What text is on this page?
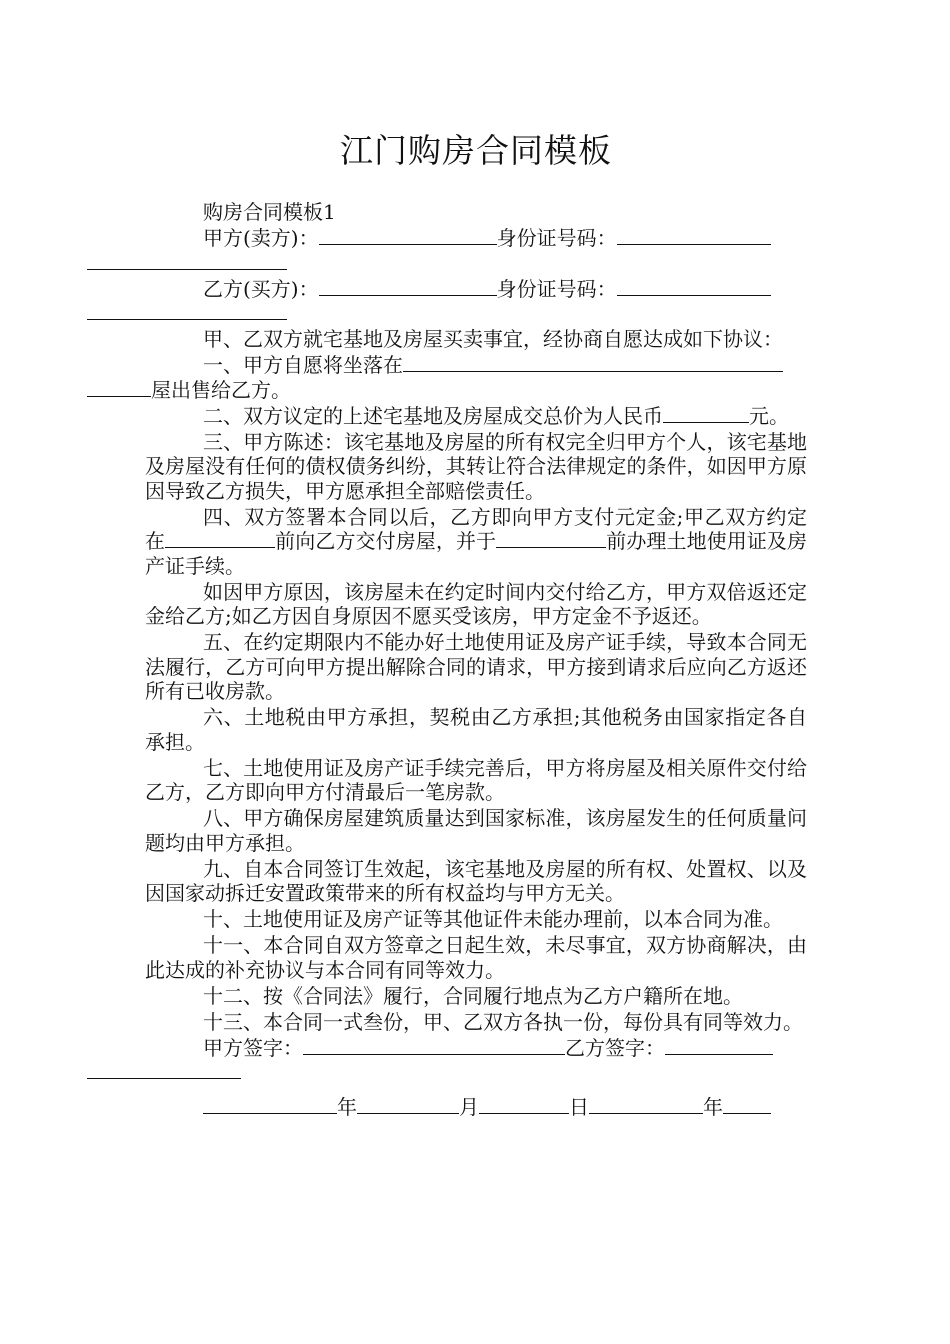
江门购房合同模板

购房合同模板1

甲方(卖方)：	身份证号码：

乙方(买方)：	身份证号码：

甲、乙双方就宅基地及房屋买卖事宜，经协商自愿达成如下协议：

一、甲方自愿将坐落在
屋出售给乙方。

二、双方议定的上述宅基地及房屋成交总价为人民币	元。

三、甲方陈述：该宅基地及房屋的所有权完全归甲方个人，该宅基地及房屋没有任何的债权债务纠纷，其转让符合法律规定的条件，如因甲方原因导致乙方损失，甲方愿承担全部赔偿责任。

四、双方签署本合同以后，乙方即向甲方支付元定金;甲乙双方约定在	前向乙方交付房屋，并于	前办理土地使用证及房产证手续。

如因甲方原因，该房屋未在约定时间内交付给乙方，甲方双倍返还定金给乙方;如乙方因自身原因不愿买受该房，甲方定金不予返还。

五、在约定期限内不能办好土地使用证及房产证手续，导致本合同无法履行，乙方可向甲方提出解除合同的请求，甲方接到请求后应向乙方返还所有已收房款。

六、土地税由甲方承担，契税由乙方承担;其他税务由国家指定各自承担。

七、土地使用证及房产证手续完善后，甲方将房屋及相关原件交付给乙方，乙方即向甲方付清最后一笔房款。

八、甲方确保房屋建筑质量达到国家标准，该房屋发生的任何质量问题均由甲方承担。

九、自本合同签订生效起，该宅基地及房屋的所有权、处置权、以及因国家动拆迁安置政策带来的所有权益均与甲方无关。

十、土地使用证及房产证等其他证件未能办理前，以本合同为准。

十一、本合同自双方签章之日起生效，未尽事宜，双方协商解决，由此达成的补充协议与本合同有同等效力。

十二、按《合同法》履行，合同履行地点为乙方户籍所在地。

十三、本合同一式叁份，甲、乙双方各执一份，每份具有同等效力。

甲方签字：	乙方签字：

年	月	日	年
